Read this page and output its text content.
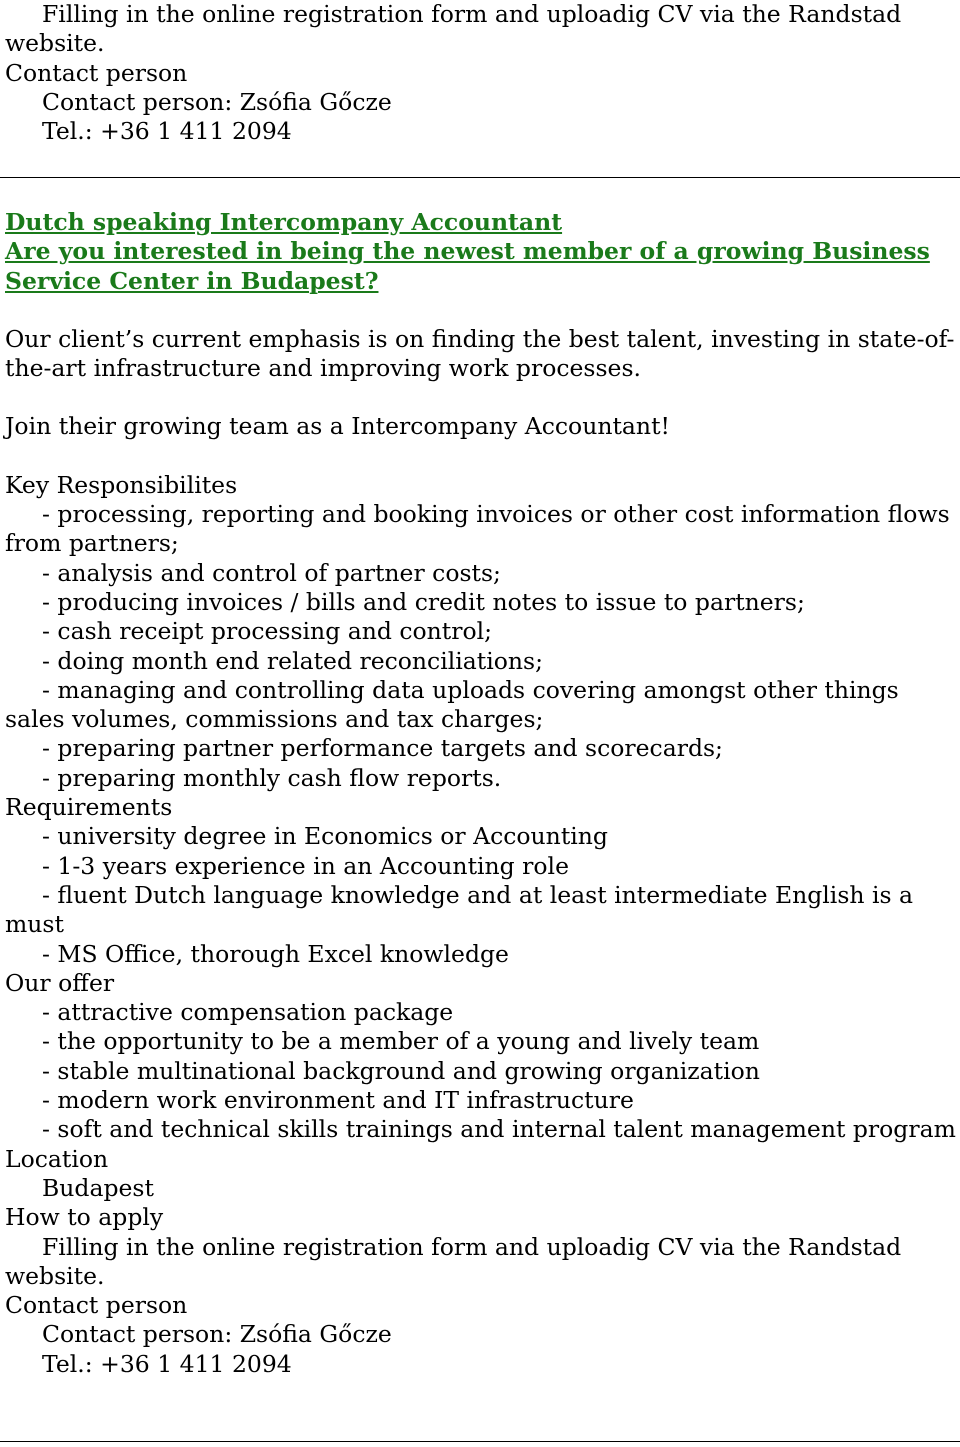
Filling in the online registration form and uploadig CV via the Randstad website.

Contact person

Contact person: Zsófia Gőcze

Tel.: +36 1 411 2094

Dutch speaking Intercompany Accountant
Are you interested in being the newest member of a growing Business Service Center in Budapest?

Our client’s current emphasis is on finding the best talent, investing in state-of-the-art infrastructure and improving work processes.

Join their growing team as a Intercompany Accountant!

Key Responsibilites

- processing, reporting and booking invoices or other cost information flows from partners;

- analysis and control of partner costs;

- producing invoices / bills and credit notes to issue to partners;

- cash receipt processing and control;

- doing month end related reconciliations;

- managing and controlling data uploads covering amongst other things sales volumes, commissions and tax charges;

- preparing partner performance targets and scorecards;

- preparing monthly cash flow reports.

Requirements

- university degree in Economics or Accounting

- 1-3 years experience in an Accounting role

- fluent Dutch language knowledge and at least intermediate English is a must

- MS Office, thorough Excel knowledge

Our offer

- attractive compensation package

- the opportunity to be a member of a young and lively team

- stable multinational background and growing organization

- modern work environment and IT infrastructure

- soft and technical skills trainings and internal talent management program

Location

Budapest

How to apply

Filling in the online registration form and uploadig CV via the Randstad website.

Contact person

Contact person: Zsófia Gőcze

Tel.: +36 1 411 2094
